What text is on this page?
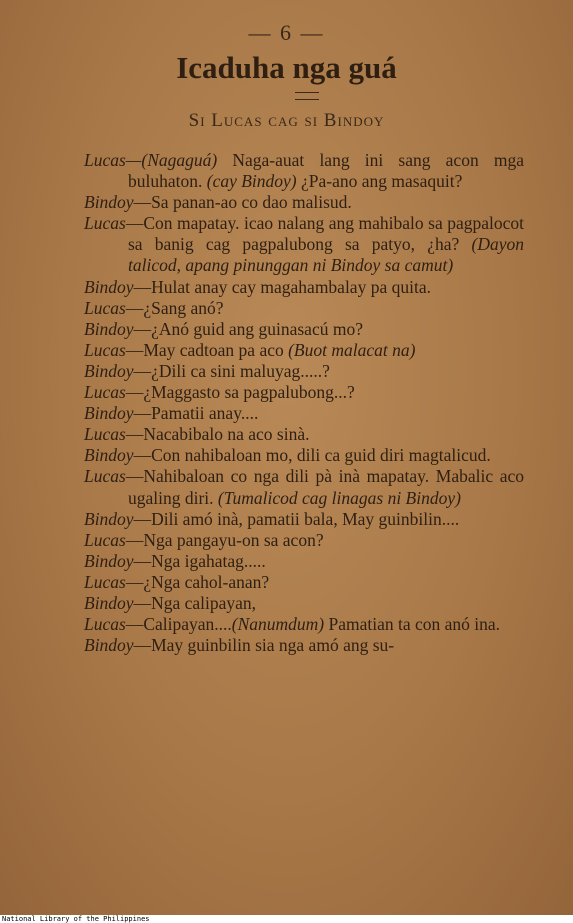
— 6 —
Icaduha nga guá
Si Lucas cag si Bindoy

Lucas—(Nagaguá) Naga-auat lang ini sang acon mga buluhaton. (cay Bindoy) ¿Pa-ano ang masaquit?

Bindoy—Sa panan-ao co dao malisud.

Lucas—Con mapatay. icao nalang ang mahibalo sa pagpalocot sa banig cag pagpalubong sa patyo, ¿ha? (Dayon talicod, apang pinunggan ni Bindoy sa camut)

Bindoy—Hulat anay cay magahambalay pa quita.

Lucas—¿Sang anó?

Bindoy—¿Anó guid ang guinasacú mo?

Lucas—May cadtoan pa aco (Buot malacat na)

Bindoy—¿Dili ca sini maluyag.....?

Lucas—¿Maggasto sa pagpalubong...?

Bindoy—Pamatii anay....

Lucas—Nacabibalo na aco sinà.

Bindoy—Con nahibaloan mo, dili ca guid diri magtalicud.

Lucas—Nahibaloan co nga dili pà inà mapatay. Mabalic aco ugaling diri. (Tumalicod cag linagas ni Bindoy)

Bindoy—Dili amó inà, pamatii bala, May guinbilin....

Lucas—Nga pangayu-on sa acon?

Bindoy—Nga igahatag.....

Lucas—¿Nga cahol-anan?

Bindoy—Nga calipayan,

Lucas—Calipayan....(Nanumdum) Pamatian ta con anó ina.

Bindoy—May guinbilin sia nga amó ang su-

National Library of the Philippines
